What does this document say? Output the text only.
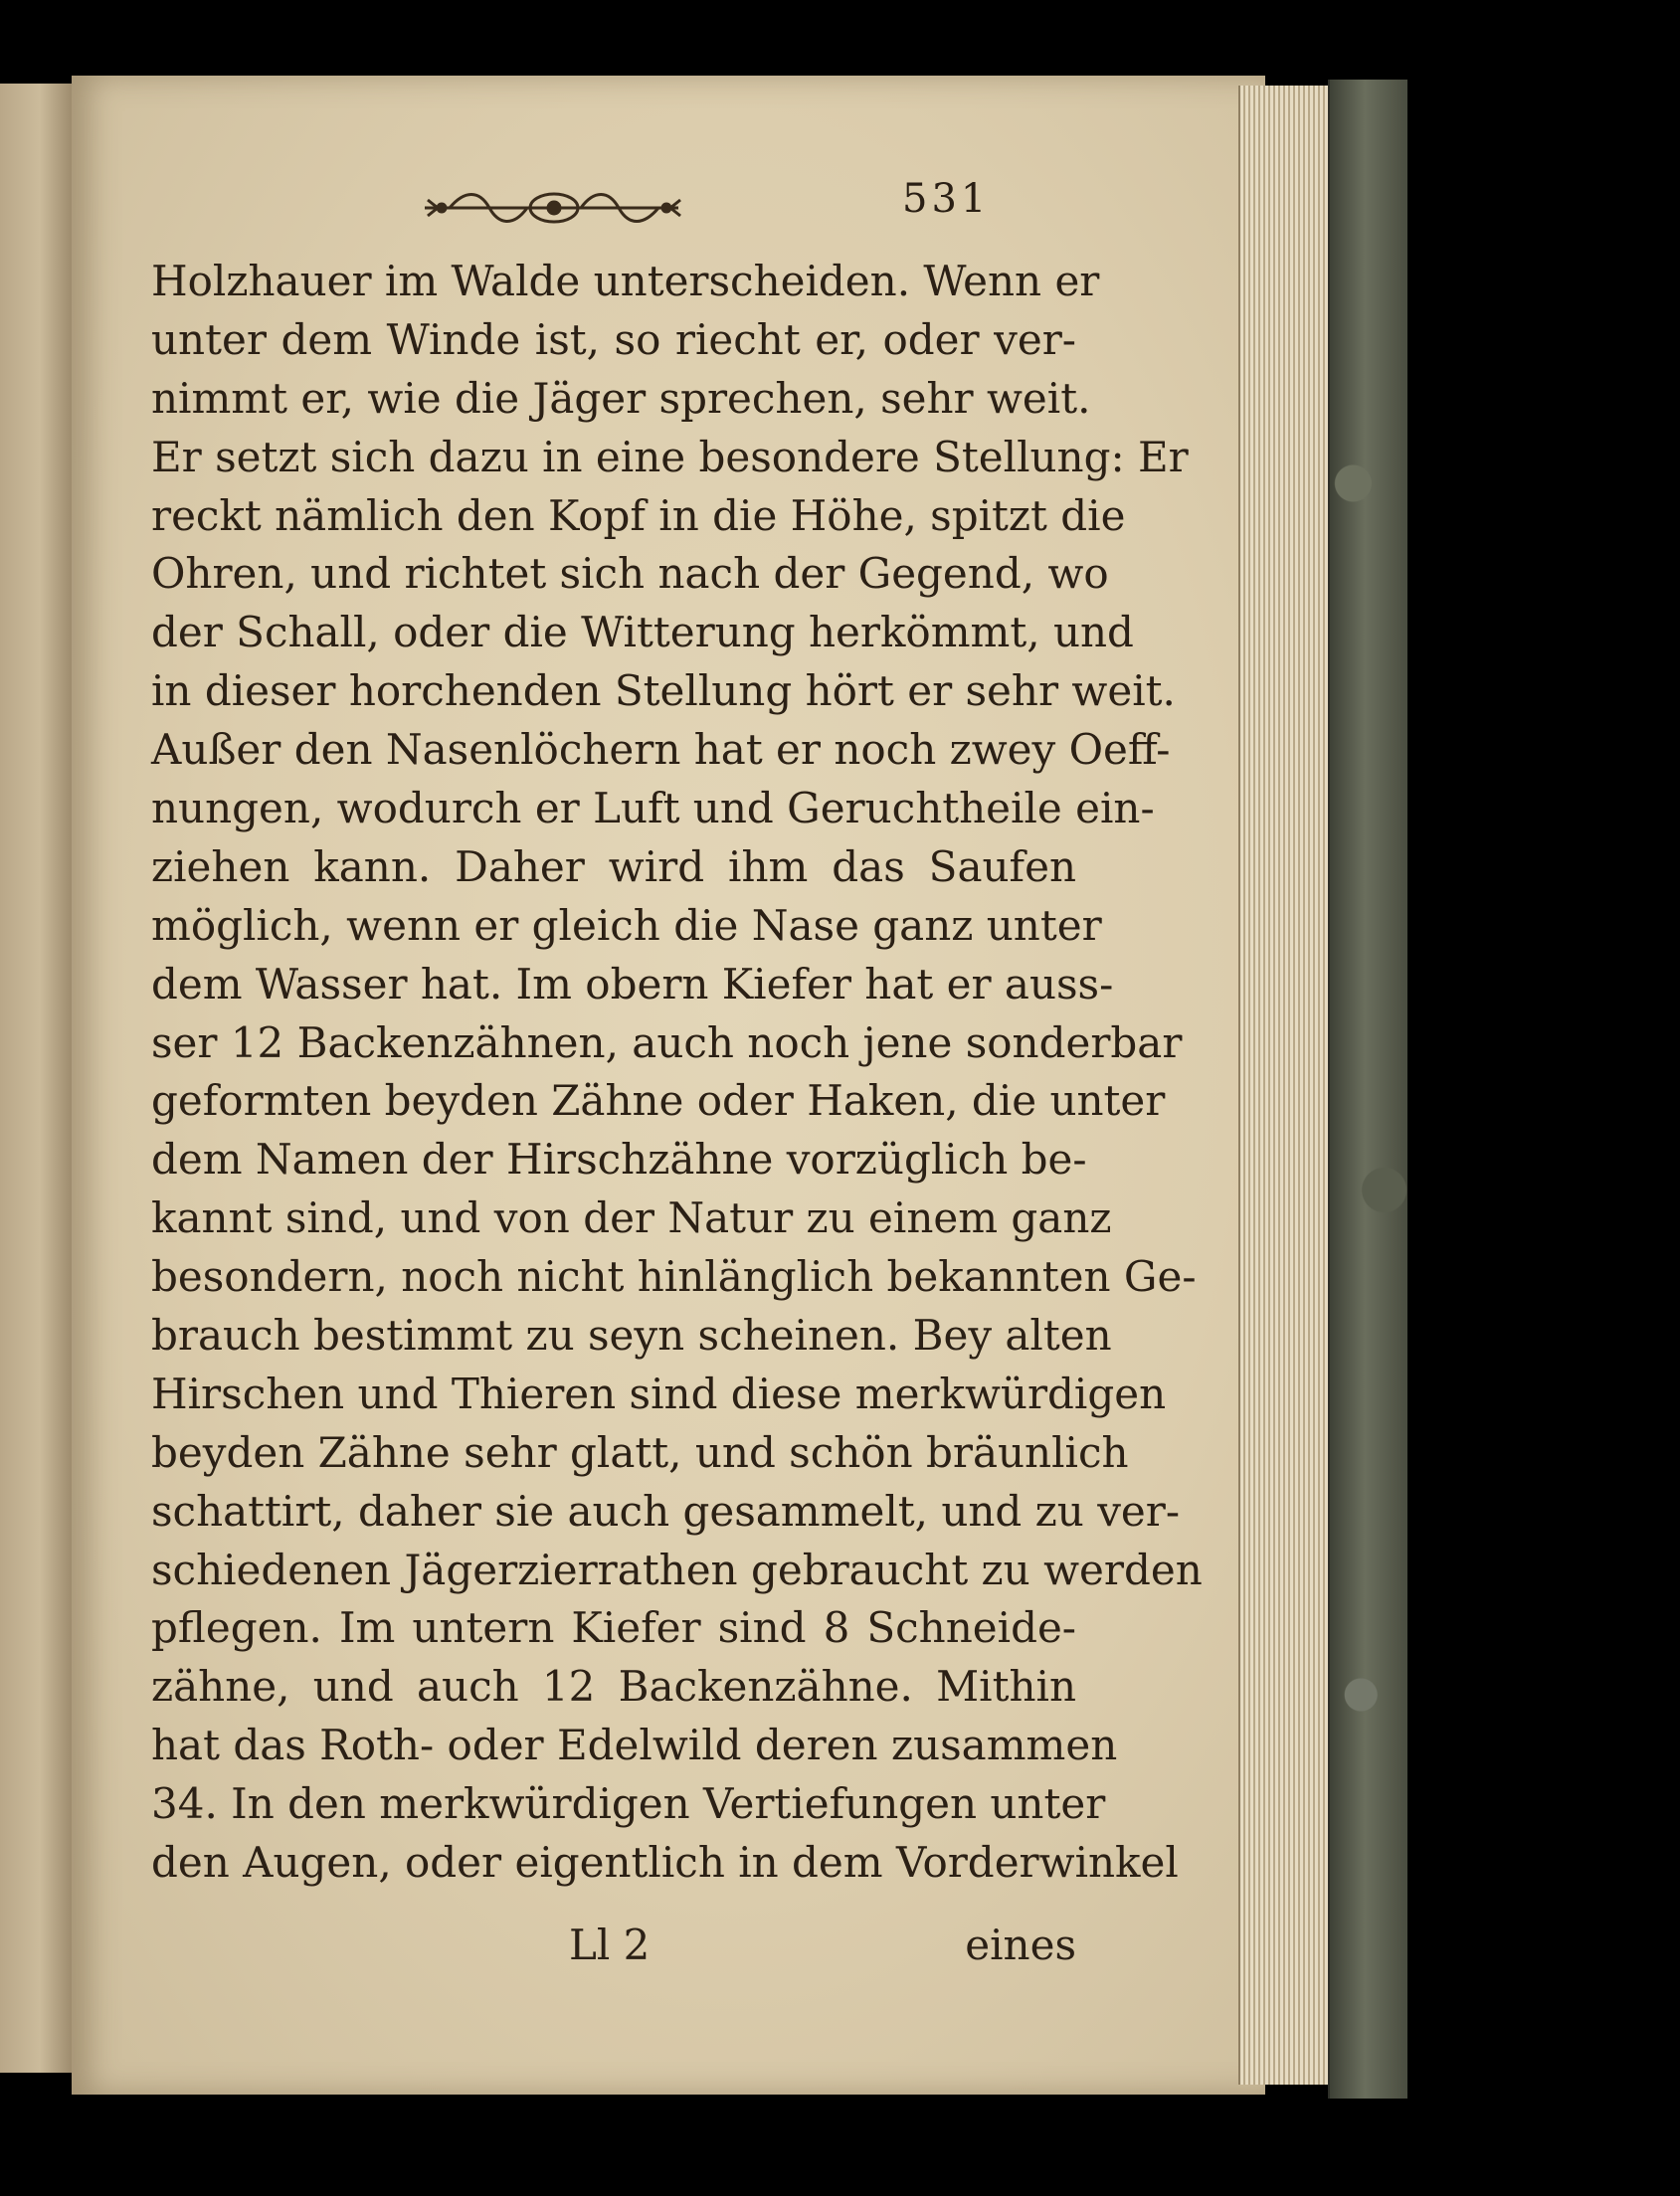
531
Holzhauer im Walde unterscheiden. Wenn er
unter dem Winde ist, so riecht er, oder ver-
nimmt er, wie die Jäger sprechen, sehr weit.
Er setzt sich dazu in eine besondere Stellung: Er
reckt nämlich den Kopf in die Höhe, spitzt die
Ohren, und richtet sich nach der Gegend, wo
der Schall, oder die Witterung herkömmt, und
in dieser horchenden Stellung hört er sehr weit.
Außer den Nasenlöchern hat er noch zwey Oeff-
nungen, wodurch er Luft und Geruchtheile ein-
ziehen kann. Daher wird ihm das Saufen
möglich, wenn er gleich die Nase ganz unter
dem Wasser hat. Im obern Kiefer hat er auss-
ser 12 Backenzähnen, auch noch jene sonderbar
geformten beyden Zähne oder Haken, die unter
dem Namen der Hirschzähne vorzüglich be-
kannt sind, und von der Natur zu einem ganz
besondern, noch nicht hinlänglich bekannten Ge-
brauch bestimmt zu seyn scheinen. Bey alten
Hirschen und Thieren sind diese merkwürdigen
beyden Zähne sehr glatt, und schön bräunlich
schattirt, daher sie auch gesammelt, und zu ver-
schiedenen Jägerzierrathen gebraucht zu werden
pflegen. Im untern Kiefer sind 8 Schneide-
zähne, und auch 12 Backenzähne. Mithin
hat das Roth- oder Edelwild deren zusammen
34. In den merkwürdigen Vertiefungen unter
den Augen, oder eigentlich in dem Vorderwinkel
Ll 2	eines
